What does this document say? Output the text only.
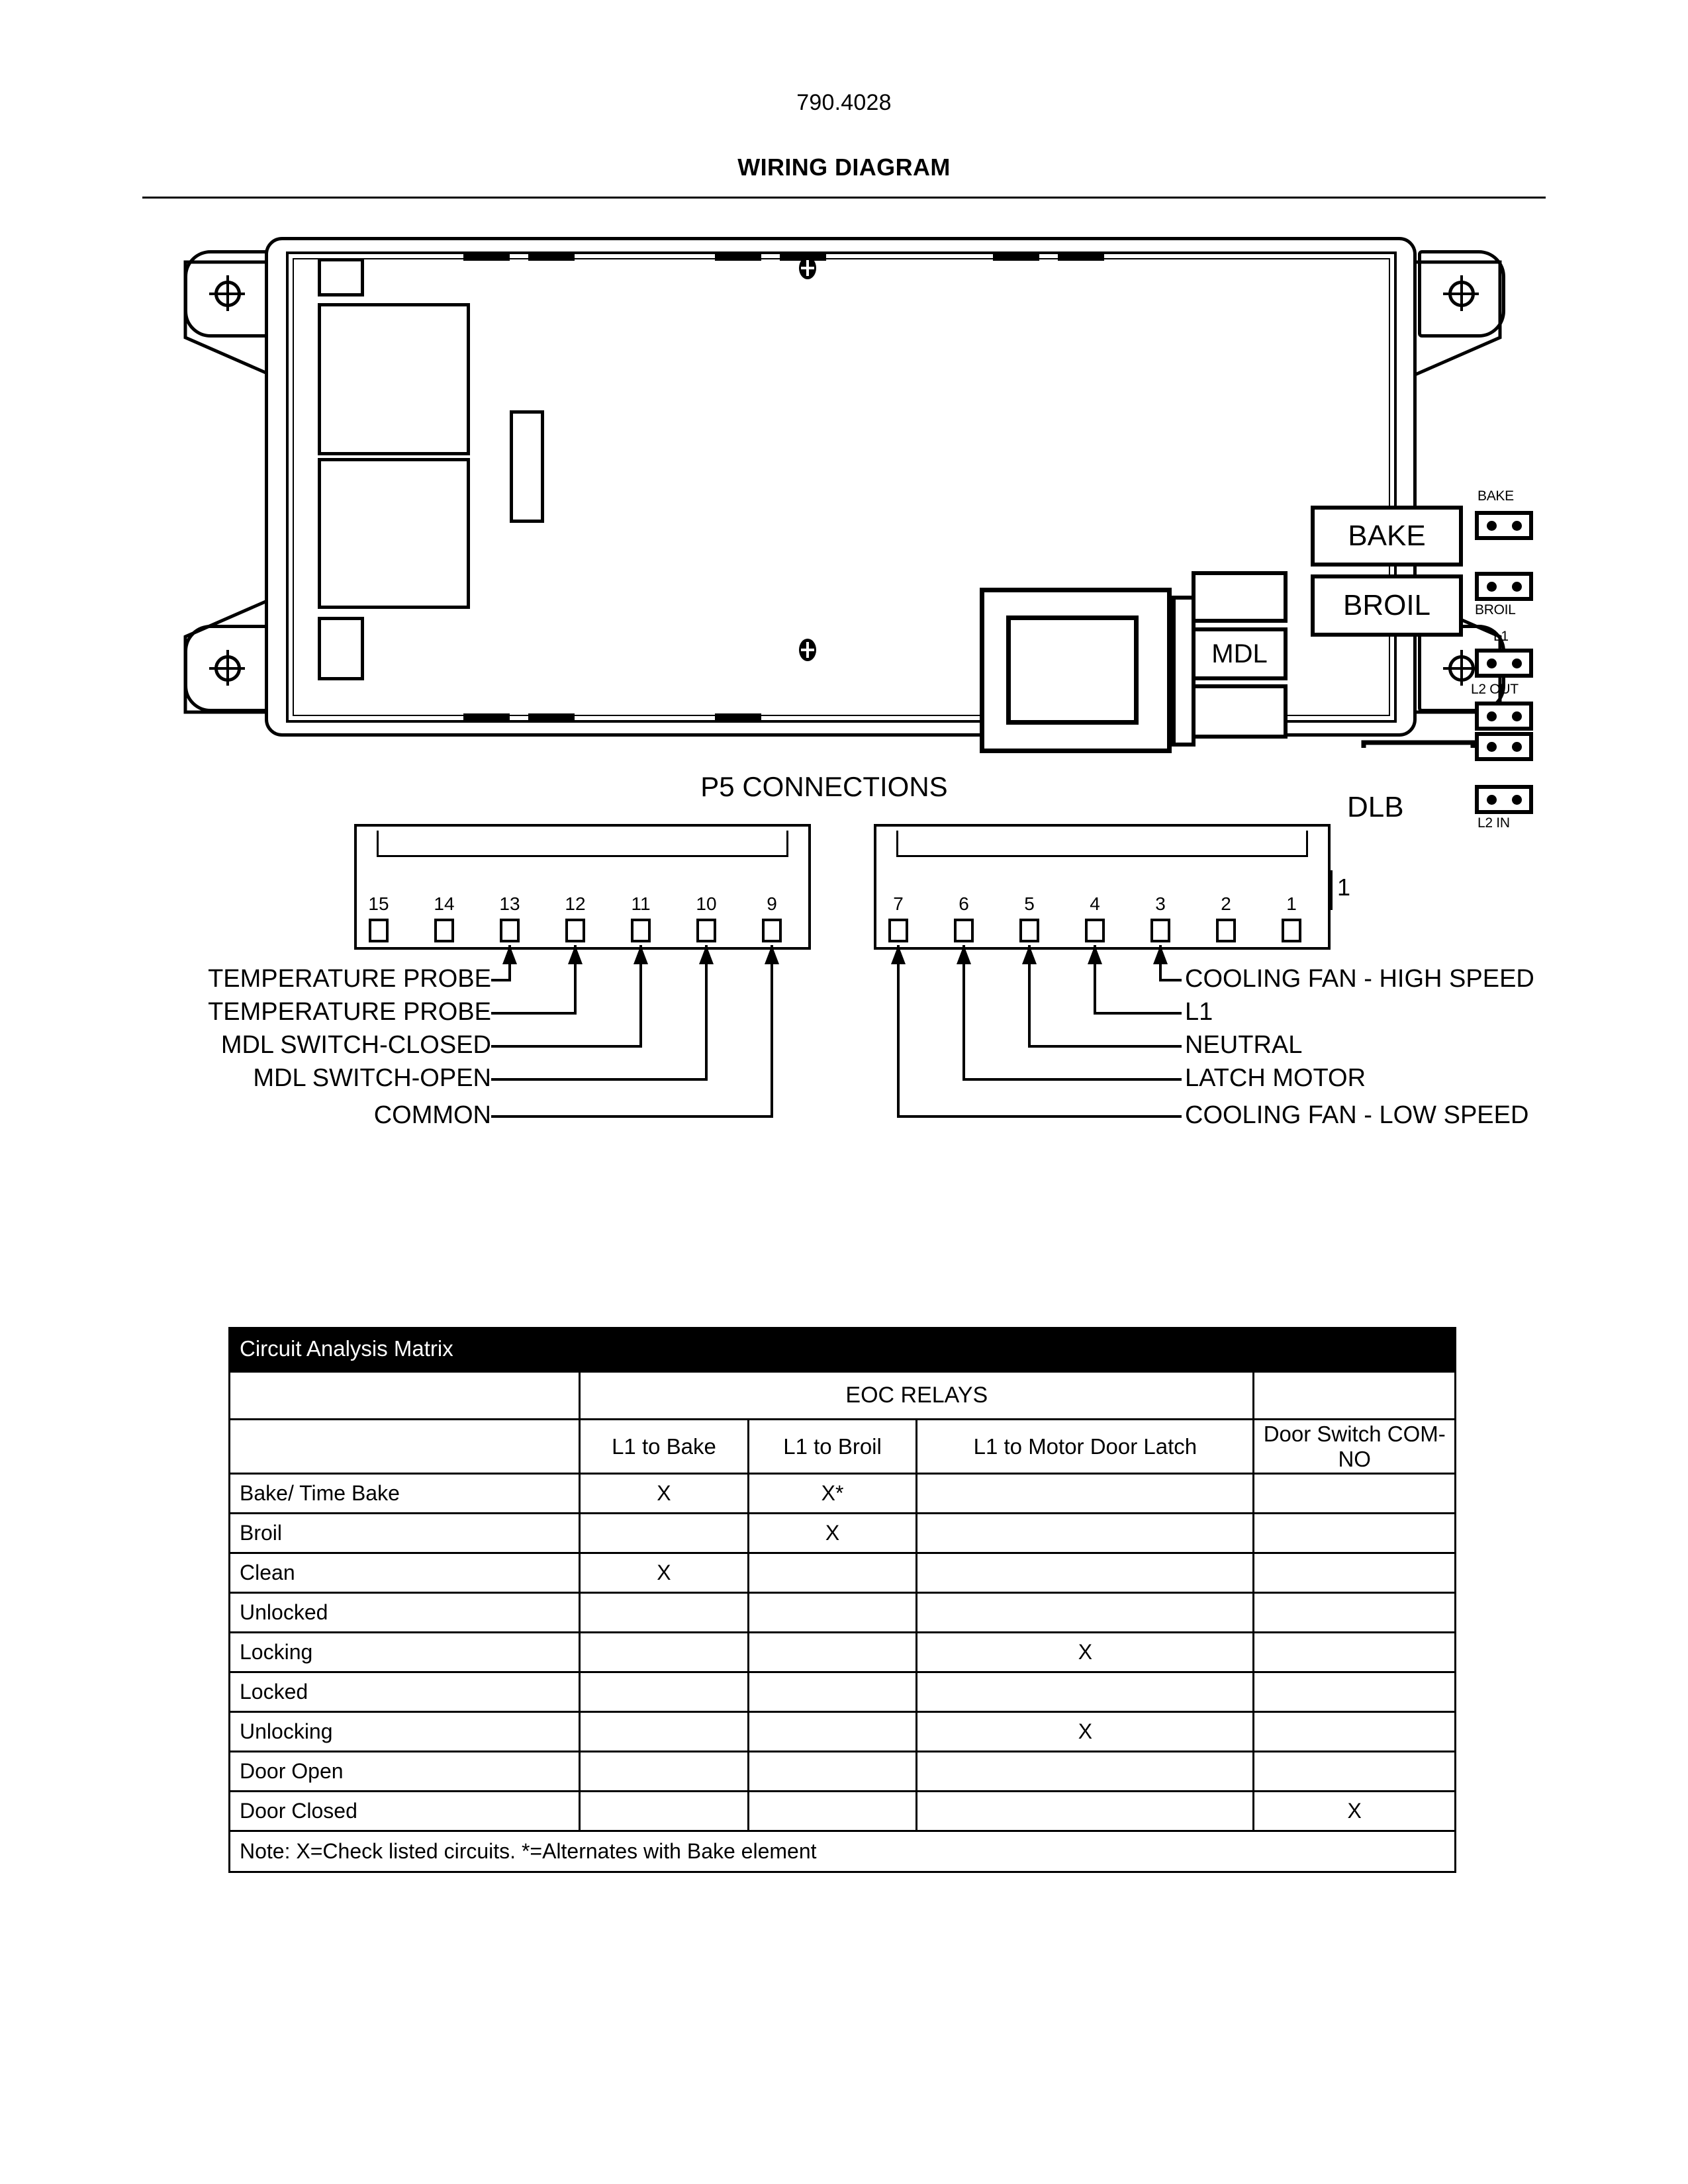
790.4028
WIRING DIAGRAM
MDL
BAKE
BROIL
DLB
BAKE
BROIL
L1
L2 OUT
L2 IN
1
P5 CONNECTIONS
15 14 13 12	11	10	9	7	6	5	4	3	2	1
TEMPERATURE PROBE
TEMPERATURE PROBE
MDL SWITCH-CLOSED
MDL SWITCH-OPEN
COMMON
COOLING FAN - HIGH SPEED
L1
NEUTRAL
LATCH MOTOR
COOLING FAN - LOW SPEED
Circuit Analysis Matrix				
	EOC RELAYS			
	L1 to Bake	L1 to Broil	L1 to Motor Door Latch	Door Switch COM-NO
Bake/ Time Bake	X	X*		
Broil		X		
Clean	X			
Unlocked				
Locking			X	
Locked				
Unlocking			X	
Door Open				
Door Closed				X
Note: X=Check listed circuits. *=Alternates with Bake element				
